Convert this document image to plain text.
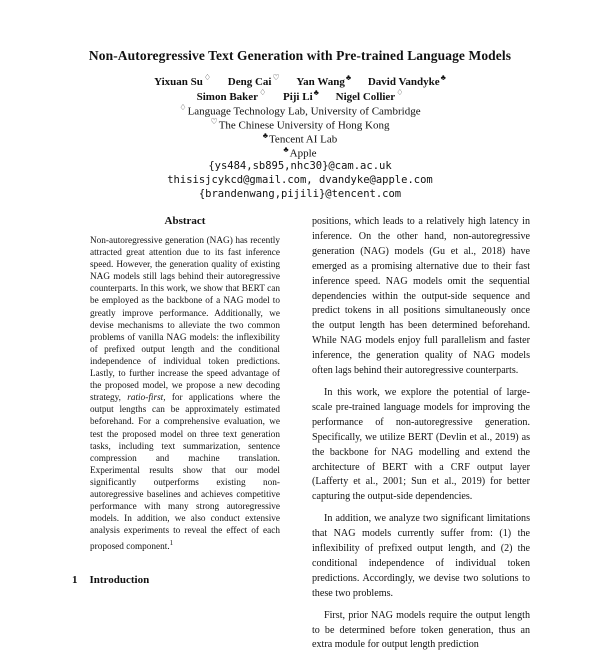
Non-Autoregressive Text Generation with Pre-trained Language Models
Yixuan Su♢ Deng Cai♡ Yan Wang♣ David Vandyke♣
Simon Baker♢ Piji Li♣ Nigel Collier♢
♢Language Technology Lab, University of Cambridge
♡The Chinese University of Hong Kong
♣Tencent AI Lab
♣Apple
{ys484,sb895,nhc30}@cam.ac.uk
thisisjcykcd@gmail.com, dvandyke@apple.com
{brandenwang,pijili}@tencent.com
Abstract
Non-autoregressive generation (NAG) has recently attracted great attention due to its fast inference speed. However, the generation quality of existing NAG models still lags behind their autoregressive counterparts. In this work, we show that BERT can be employed as the backbone of a NAG model to greatly improve performance. Additionally, we devise mechanisms to alleviate the two common problems of vanilla NAG models: the inflexibility of prefixed output length and the conditional independence of individual token predictions. Lastly, to further increase the speed advantage of the proposed model, we propose a new decoding strategy, ratio-first, for applications where the output lengths can be approximately estimated beforehand. For a comprehensive evaluation, we test the proposed model on three text generation tasks, including text summarization, sentence compression and machine translation. Experimental results show that our model significantly outperforms existing non-autoregressive baselines and achieves competitive performance with many strong autoregressive models. In addition, we also conduct extensive analysis experiments to reveal the effect of each proposed component.$^1$
1 Introduction

positions, which leads to a relatively high latency in inference. On the other hand, non-autoregressive generation (NAG) models (Gu et al., 2018) have emerged as a promising alternative due to their fast inference speed. NAG models omit the sequential dependencies within the output-side sequence and predict tokens in all positions simultaneously once the output length has been determined beforehand. While NAG models enjoy full parallelism and faster inference, the generation quality of NAG models often lags behind their autoregressive counterparts.

In this work, we explore the potential of large-scale pre-trained language models for improving the performance of non-autoregressive generation. Specifically, we utilize BERT (Devlin et al., 2019) as the backbone for NAG modelling and extend the architecture of BERT with a CRF output layer (Lafferty et al., 2001; Sun et al., 2019) for better capturing the output-side dependencies.

In addition, we analyze two significant limitations that NAG models currently suffer from: (1) the inflexibility of prefixed output length, and (2) the conditional independence of individual token predictions. Accordingly, we devise two solutions to these two problems.

First, prior NAG models require the output length to be determined before token generation, thus an extra module for output length prediction
